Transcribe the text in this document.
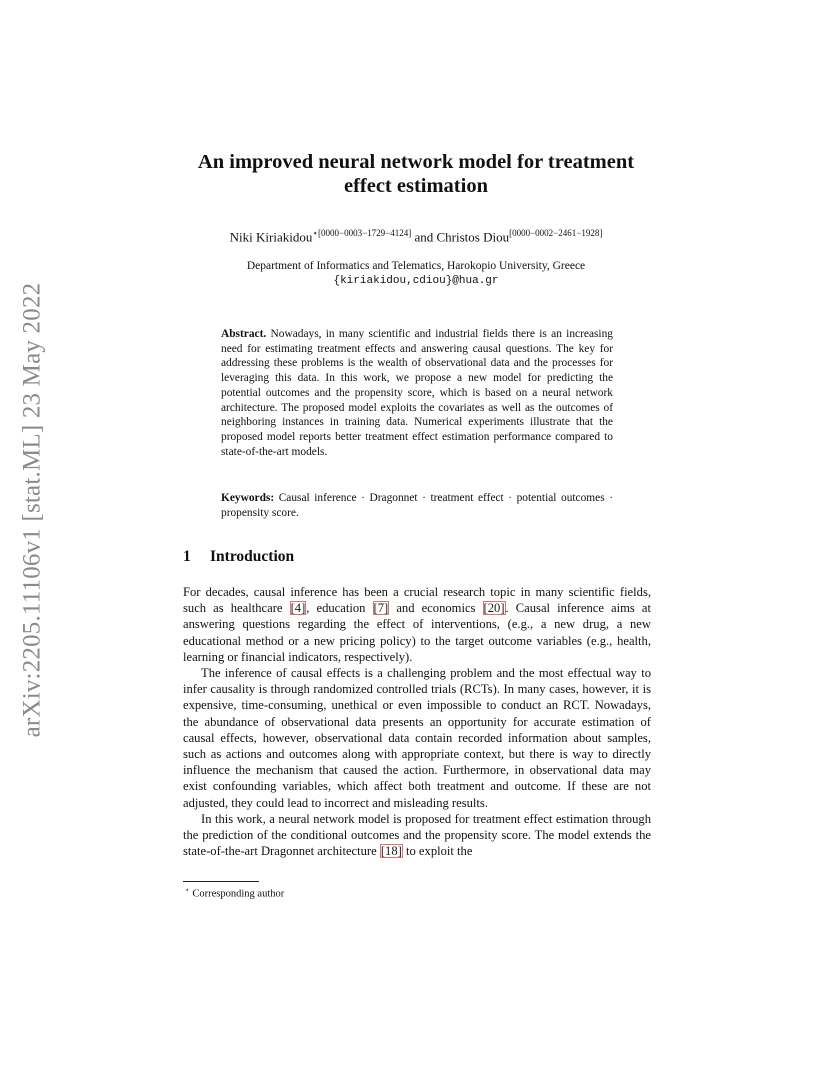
arXiv:2205.11106v1 [stat.ML] 23 May 2022
An improved neural network model for treatment
effect estimation
Niki Kiriakidou$^{⋆[0000-0003-1729-4124]}$ and Christos Diou[0000−0002−2461−1928]
Department of Informatics and Telematics, Harokopio University, Greece
{kiriakidou,cdiou}@hua.gr
Abstract. Nowadays, in many scientific and industrial fields there is an increasing need for estimating treatment effects and answering causal questions. The key for addressing these problems is the wealth of observational data and the processes for leveraging this data. In this work, we propose a new model for predicting the potential outcomes and the propensity score, which is based on a neural network architecture. The proposed model exploits the covariates as well as the outcomes of neighboring instances in training data. Numerical experiments illustrate that the proposed model reports better treatment effect estimation performance compared to state-of-the-art models.
Keywords: Causal inference · Dragonnet · treatment effect · potential outcomes · propensity score.
1 Introduction

For decades, causal inference has been a crucial research topic in many scientific fields, such as healthcare [4], education [7] and economics [20]. Causal inference aims at answering questions regarding the effect of interventions, (e.g., a new drug, a new educational method or a new pricing policy) to the target outcome variables (e.g., health, learning or financial indicators, respectively).

The inference of causal effects is a challenging problem and the most effectual way to infer causality is through randomized controlled trials (RCTs). In many cases, however, it is expensive, time-consuming, unethical or even impossible to conduct an RCT. Nowadays, the abundance of observational data presents an opportunity for accurate estimation of causal effects, however, observational data contain recorded information about samples, such as actions and outcomes along with appropriate context, but there is way to directly influence the mechanism that caused the action. Furthermore, in observational data may exist confounding variables, which affect both treatment and outcome. If these are not adjusted, they could lead to incorrect and misleading results.

In this work, a neural network model is proposed for treatment effect estimation through the prediction of the conditional outcomes and the propensity score. The model extends the state-of-the-art Dragonnet architecture [18] to exploit the

⋆ Corresponding author
